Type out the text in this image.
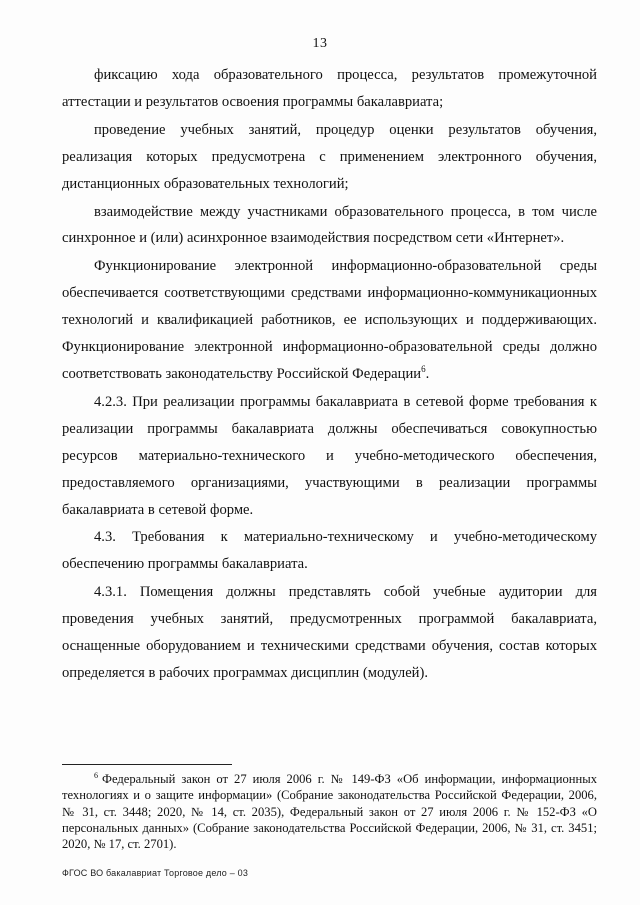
13

фиксацию хода образовательного процесса, результатов промежуточной аттестации и результатов освоения программы бакалавриата;

проведение учебных занятий, процедур оценки результатов обучения, реализация которых предусмотрена с применением электронного обучения, дистанционных образовательных технологий;

взаимодействие между участниками образовательного процесса, в том числе синхронное и (или) асинхронное взаимодействия посредством сети «Интернет».

Функционирование электронной информационно-образовательной среды обеспечивается соответствующими средствами информационно-коммуникационных технологий и квалификацией работников, ее использующих и поддерживающих. Функционирование электронной информационно-образовательной среды должно соответствовать законодательству Российской Федерации$^6$.

4.2.3. При реализации программы бакалавриата в сетевой форме требования к реализации программы бакалавриата должны обеспечиваться совокупностью ресурсов материально-технического и учебно-методического обеспечения, предоставляемого организациями, участвующими в реализации программы бакалавриата в сетевой форме.

4.3. Требования к материально-техническому и учебно-методическому обеспечению программы бакалавриата.

4.3.1. Помещения должны представлять собой учебные аудитории для проведения учебных занятий, предусмотренных программой бакалавриата, оснащенные оборудованием и техническими средствами обучения, состав которых определяется в рабочих программах дисциплин (модулей).

$^6$ Федеральный закон от 27 июля 2006 г. № 149-ФЗ «Об информации, информационных технологиях и о защите информации» (Собрание законодательства Российской Федерации, 2006, № 31, ст. 3448; 2020, № 14, ст. 2035), Федеральный закон от 27 июля 2006 г. № 152-ФЗ «О персональных данных» (Собрание законодательства Российской Федерации, 2006, № 31, ст. 3451; 2020, № 17, ст. 2701).
ФГОС ВО бакалавриат Торговое дело – 03
